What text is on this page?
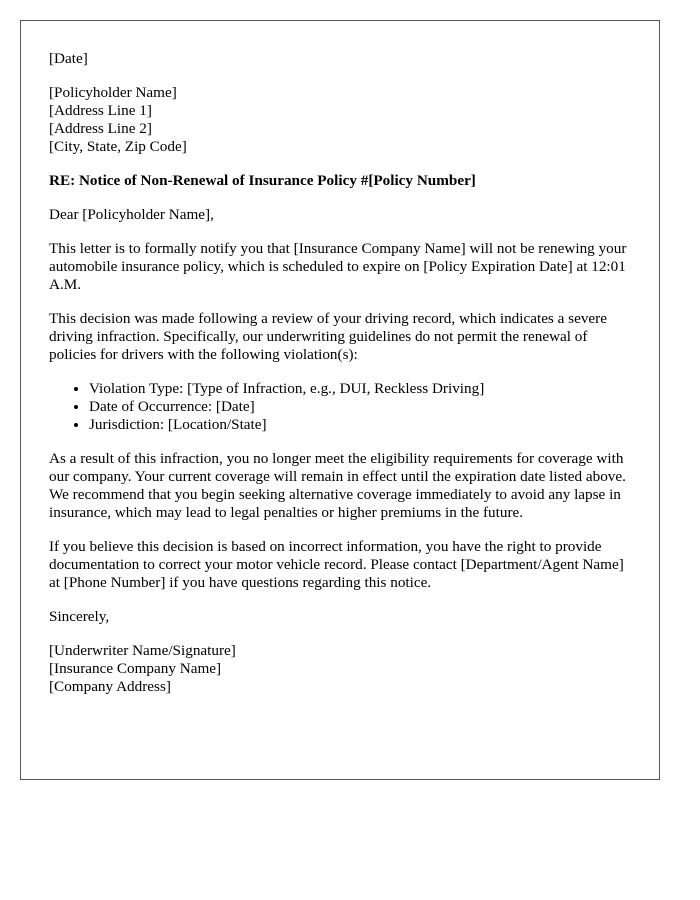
[Date]
[Policyholder Name]
[Address Line 1]
[Address Line 2]
[City, State, Zip Code]
RE: Notice of Non-Renewal of Insurance Policy #[Policy Number]
Dear [Policyholder Name],

This letter is to formally notify you that [Insurance Company Name] will not be renewing your automobile insurance policy, which is scheduled to expire on [Policy Expiration Date] at 12:01 A.M.

This decision was made following a review of your driving record, which indicates a severe driving infraction. Specifically, our underwriting guidelines do not permit the renewal of policies for drivers with the following violation(s):

• Violation Type: [Type of Infraction, e.g., DUI, Reckless Driving]
• Date of Occurrence: [Date]
• Jurisdiction: [Location/State]

As a result of this infraction, you no longer meet the eligibility requirements for coverage with our company. Your current coverage will remain in effect until the expiration date listed above. We recommend that you begin seeking alternative coverage immediately to avoid any lapse in insurance, which may lead to legal penalties or higher premiums in the future.

If you believe this decision is based on incorrect information, you have the right to provide documentation to correct your motor vehicle record. Please contact [Department/Agent Name] at [Phone Number] if you have questions regarding this notice.

Sincerely,
[Underwriter Name/Signature]
[Insurance Company Name]
[Company Address]
